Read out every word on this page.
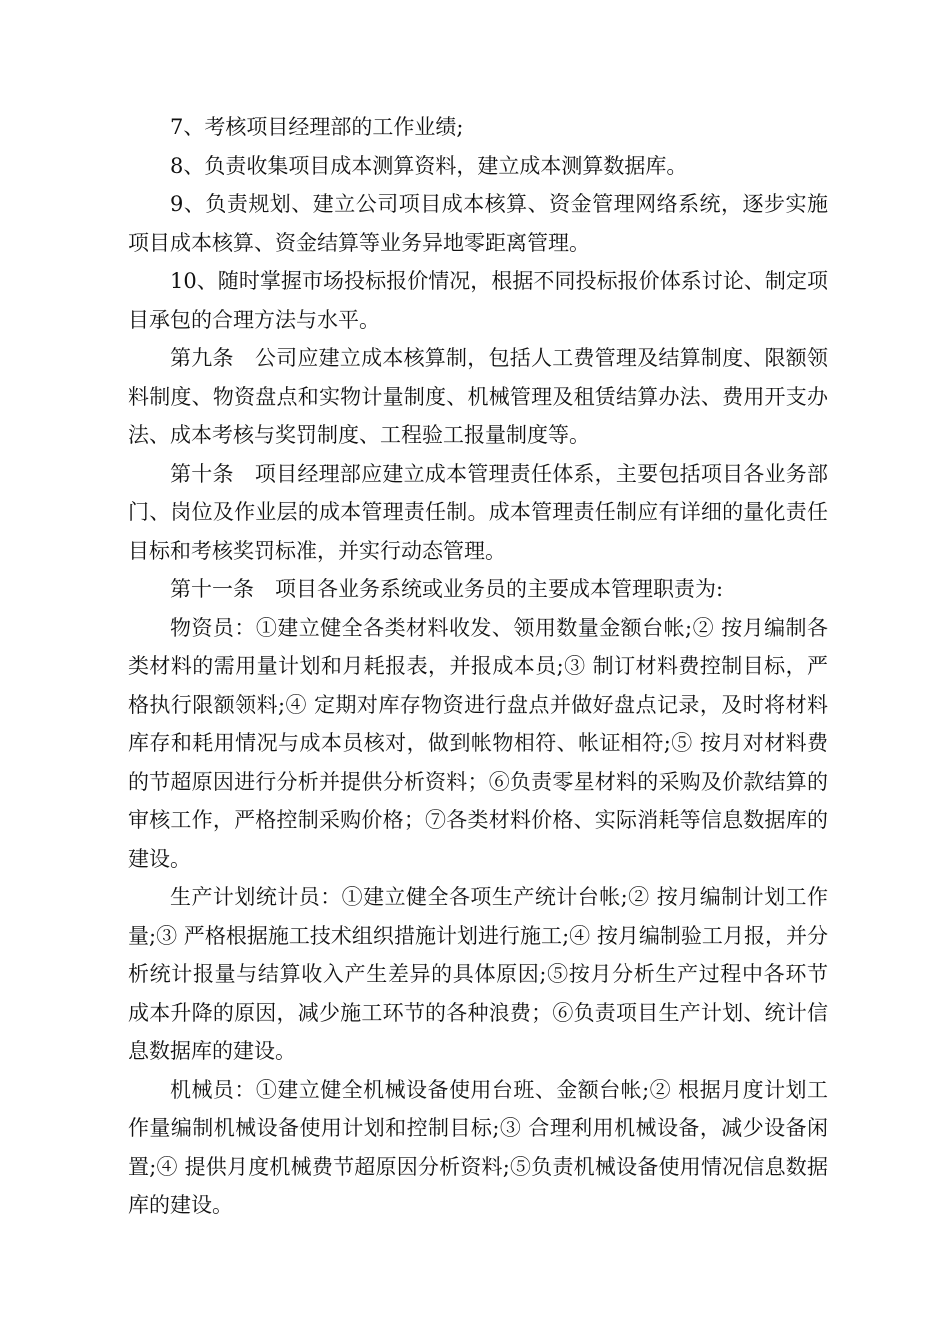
7、考核项目经理部的工作业绩;

8、负责收集项目成本测算资料，建立成本测算数据库。

9、负责规划、建立公司项目成本核算、资金管理网络系统，逐步实施项目成本核算、资金结算等业务异地零距离管理。

10、随时掌握市场投标报价情况，根据不同投标报价体系讨论、制定项目承包的合理方法与水平。

第九条　公司应建立成本核算制，包括人工费管理及结算制度、限额领料制度、物资盘点和实物计量制度、机械管理及租赁结算办法、费用开支办法、成本考核与奖罚制度、工程验工报量制度等。

第十条　项目经理部应建立成本管理责任体系，主要包括项目各业务部门、岗位及作业层的成本管理责任制。成本管理责任制应有详细的量化责任目标和考核奖罚标准，并实行动态管理。

第十一条　项目各业务系统或业务员的主要成本管理职责为:

物资员：①建立健全各类材料收发、领用数量金额台帐;② 按月编制各类材料的需用量计划和月耗报表，并报成本员;③ 制订材料费控制目标，严格执行限额领料;④ 定期对库存物资进行盘点并做好盘点记录，及时将材料库存和耗用情况与成本员核对，做到帐物相符、帐证相符;⑤ 按月对材料费的节超原因进行分析并提供分析资料；⑥负责零星材料的采购及价款结算的审核工作，严格控制采购价格；⑦各类材料价格、实际消耗等信息数据库的建设。

生产计划统计员：①建立健全各项生产统计台帐;② 按月编制计划工作量;③ 严格根据施工技术组织措施计划进行施工;④ 按月编制验工月报，并分析统计报量与结算收入产生差异的具体原因;⑤按月分析生产过程中各环节成本升降的原因，减少施工环节的各种浪费；⑥负责项目生产计划、统计信息数据库的建设。

机械员：①建立健全机械设备使用台班、金额台帐;② 根据月度计划工作量编制机械设备使用计划和控制目标;③ 合理利用机械设备，减少设备闲置;④ 提供月度机械费节超原因分析资料;⑤负责机械设备使用情况信息数据库的建设。
